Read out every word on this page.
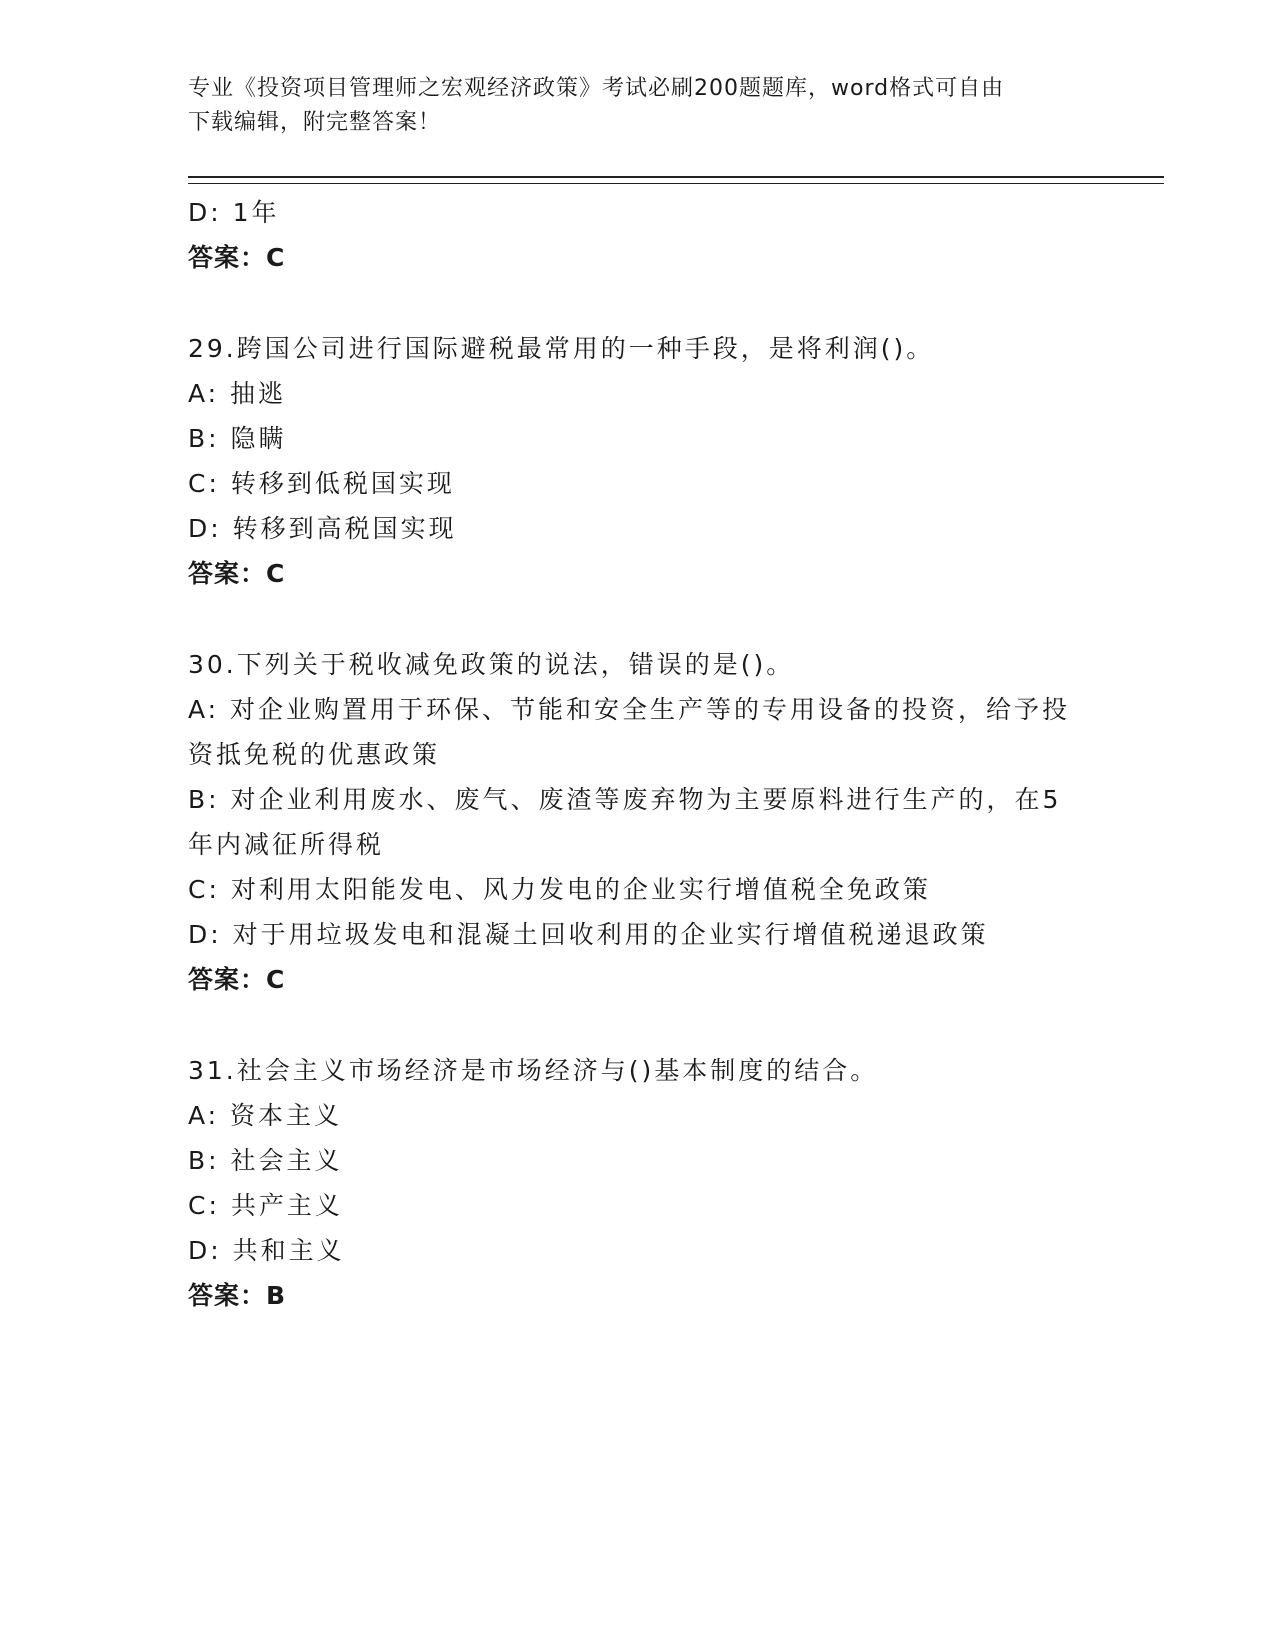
专业《投资项目管理师之宏观经济政策》考试必刷200题题库，word格式可自由
下载编辑，附完整答案！
D: 1年
答案：C
29.跨国公司进行国际避税最常用的一种手段，是将利润()。
A: 抽逃
B: 隐瞒
C: 转移到低税国实现
D: 转移到高税国实现
答案：C
30.下列关于税收减免政策的说法，错误的是()。
A: 对企业购置用于环保、节能和安全生产等的专用设备的投资，给予投资抵免税的优惠政策
B: 对企业利用废水、废气、废渣等废弃物为主要原料进行生产的，在5年内减征所得税
C: 对利用太阳能发电、风力发电的企业实行增值税全免政策
D: 对于用垃圾发电和混凝土回收利用的企业实行增值税递退政策
答案：C
31.社会主义市场经济是市场经济与()基本制度的结合。
A: 资本主义
B: 社会主义
C: 共产主义
D: 共和主义
答案：B
